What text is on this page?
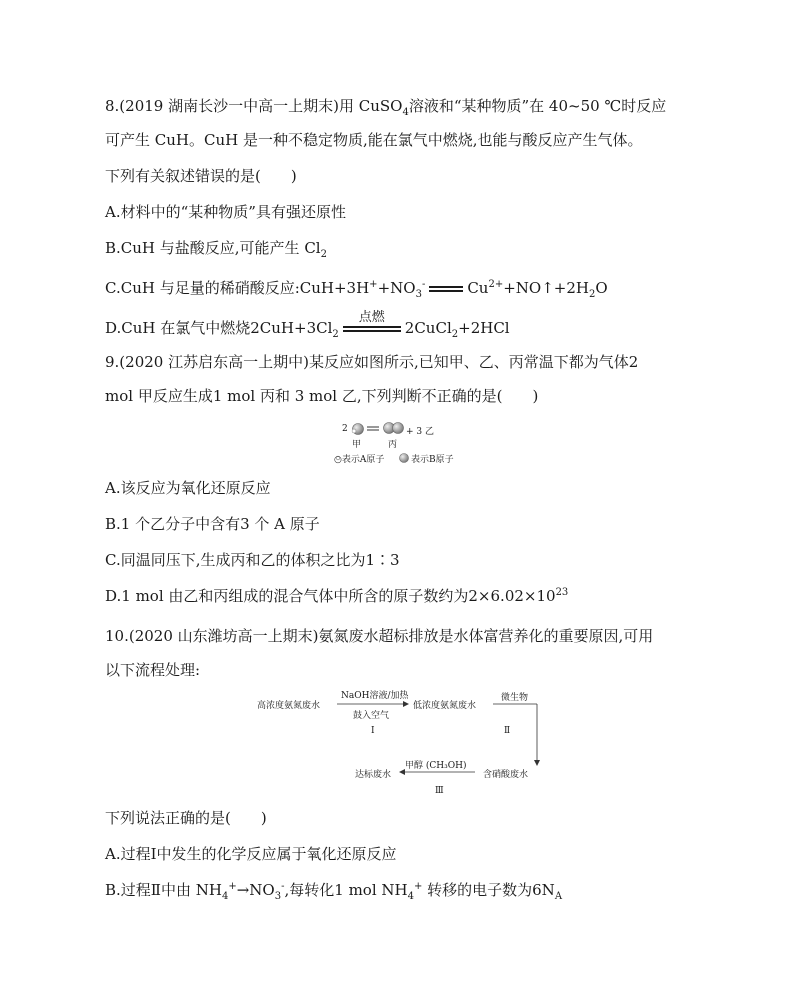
8.(2019 湖南长沙一中高一上期末)用 CuSO$_4$溶液和“某种物质”在 40~50 ℃时反应
可产生 CuH。CuH 是一种不稳定物质,能在氯气中燃烧,也能与酸反应产生气体。
下列有关叙述错误的是(　　)
A.材料中的“某种物质”具有强还原性
B.CuH 与盐酸反应,可能产生 $Cl_2$
C.CuH 与足量的稀硝酸反应$:CuH+3H^++NO_3^-$	$Cu^{2+}+NO↑+2H_2O$
D.CuH 在氯气中燃烧$2CuH+3Cl_2$
点燃
2CuCl$_2$+2HCl
9.(2020 江苏启东高一上期中)某反应如图所示,已知甲、乙、丙常温下都为气体2
mol 甲反应生成1 mol 丙和 3 mol 乙,下列判断不正确的是(　　)
2	+ 3 乙
甲	丙
○表示A原子	表示B原子
A.该反应为氧化还原反应
B.1 个乙分子中含有3 个 A 原子
C.同温同压下,生成丙和乙的体积之比为1∶3
D.1 mol 由乙和丙组成的混合气体中所含的原子数约为$2\times 6.02\times 10^{23}$
10.(2020 山东潍坊高一上期末)氨氮废水超标排放是水体富营养化的重要原因,可用
以下流程处理:
高浓度氨氮废水
NaOH溶液/加热
鼓入空气
Ⅰ
低浓度氨氮废水
微生物
Ⅱ
甲醇 (CH₃OH)
达标废水	含硝酸废水
Ⅲ
下列说法正确的是(　　)
A.过程Ⅰ中发生的化学反应属于氧化还原反应
B.过程Ⅱ中由 $NH_4^+\to NO_3^-$,每转化1 mol $NH_4^+$ 转移的电子数为$6N_A$
